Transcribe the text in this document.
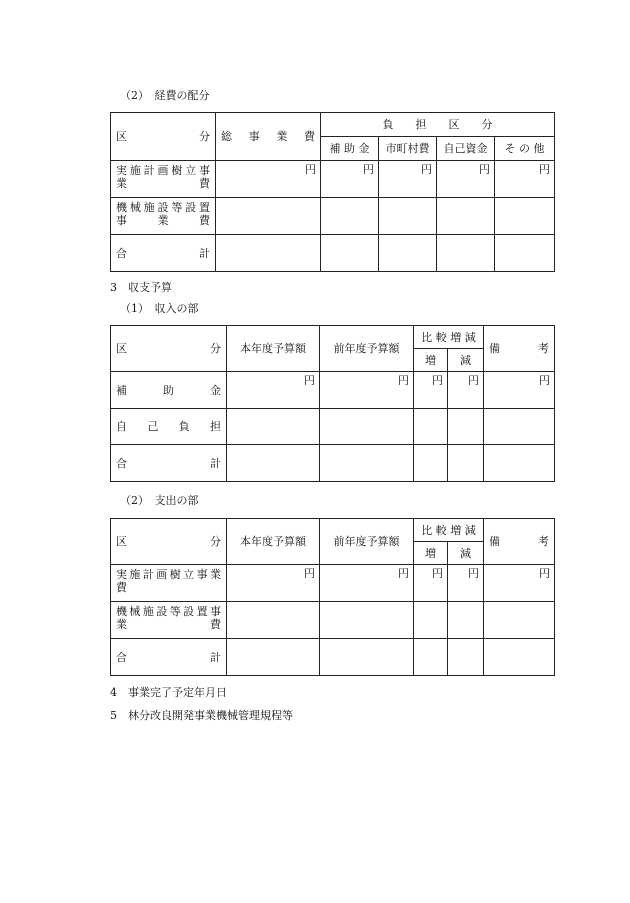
（2）　経費の配分
区　　　分	総　事　業　費	負　　担　　区　　分			
		補 助 金	市町村費	自己資金	そ の 他

実施計画樹立事
業　　　　　費	円	円	円	円	円

機械施設等設置
事　　業　　費					

合　　　　　計					
3　収支予算
（1）　収入の部
区　　　　　分	本年度予算額	前年度予算額	比 較 増 減		備　　　考
			増	減	
補　　助　　金	円	円	円	円	円
自　己　負　担					
合　　　　　計					
（2）　支出の部
区　　　　　分	本年度予算額	前年度予算額	比 較 増 減		備　　　考
			増	減	

実施計画樹立事業
費	円	円	円	円	円

機械施設等設置事
業　　　　　費					

合　　　　　計					
4　事業完了予定年月日
5　林分改良開発事業機械管理規程等
